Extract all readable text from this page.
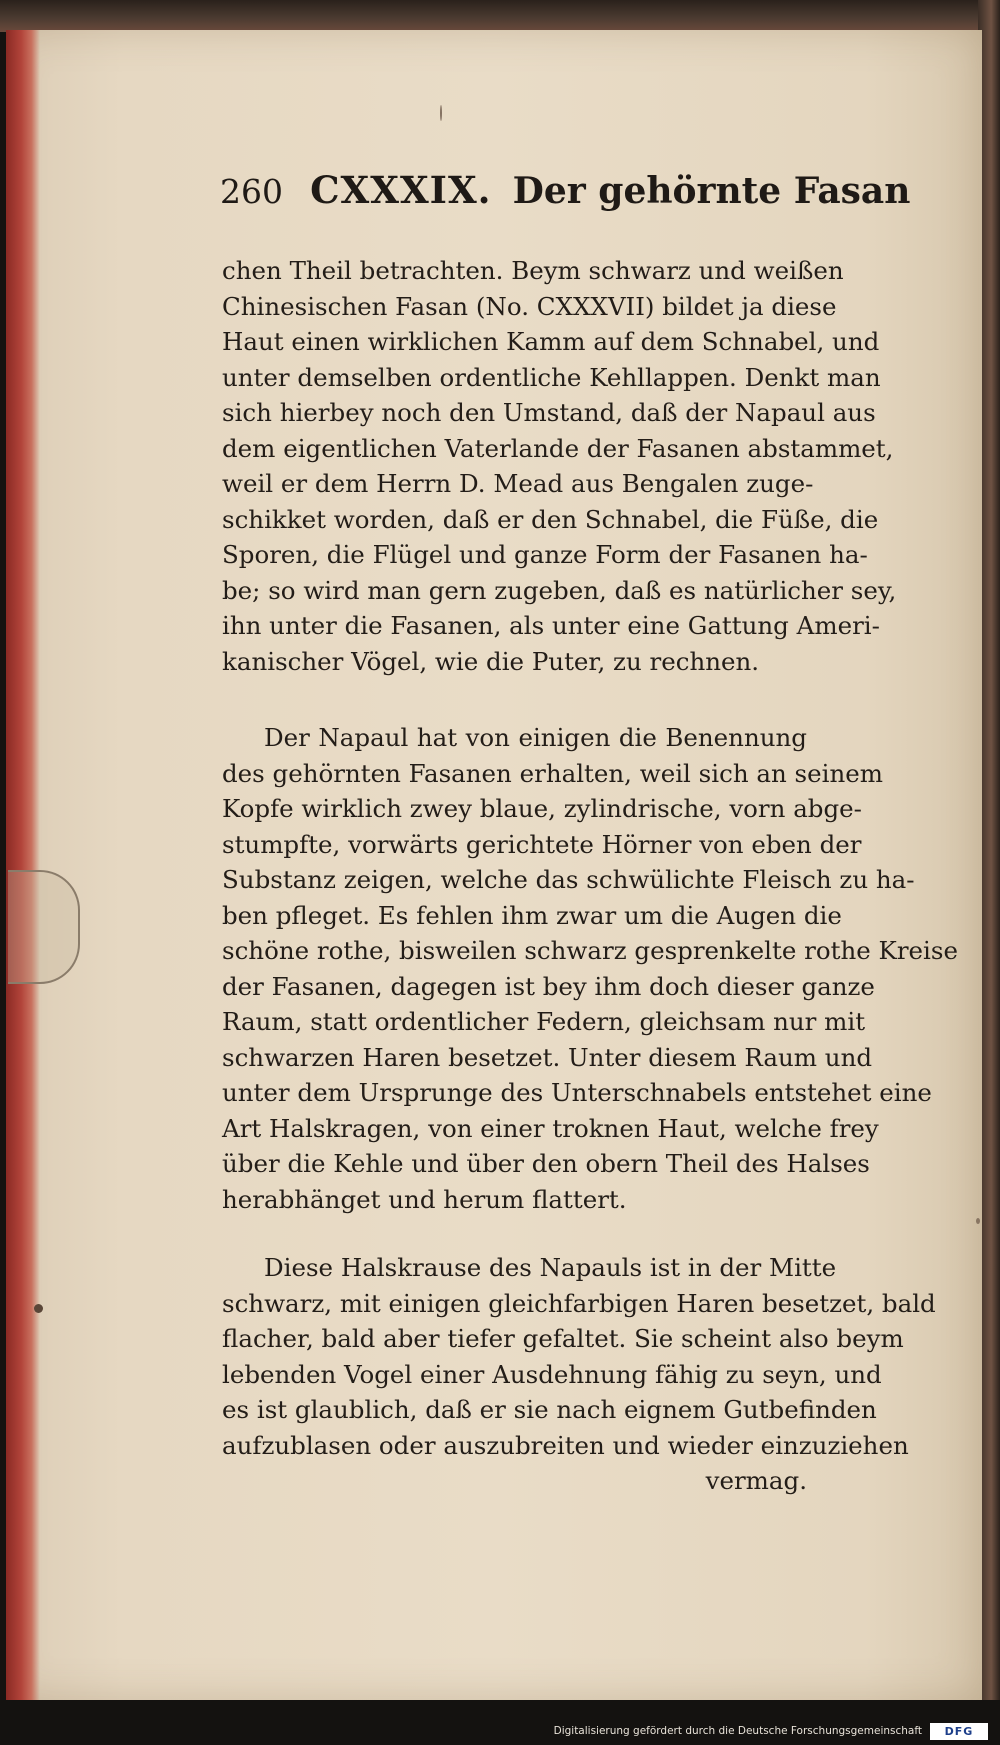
260 CXXXIX. Der gehörnte Fasan
chen Theil betrachten. Beym schwarz und weißen
Chinesischen Fasan (No. CXXXVII) bildet ja diese
Haut einen wirklichen Kamm auf dem Schnabel, und
unter demselben ordentliche Kehllappen. Denkt man
sich hierbey noch den Umstand, daß der Napaul aus
dem eigentlichen Vaterlande der Fasanen abstammet,
weil er dem Herrn D. Mead aus Bengalen zuge-
schikket worden, daß er den Schnabel, die Füße, die
Sporen, die Flügel und ganze Form der Fasanen ha-
be; so wird man gern zugeben, daß es natürlicher sey,
ihn unter die Fasanen, als unter eine Gattung Ameri-
kanischer Vögel, wie die Puter, zu rechnen.
Der Napaul hat von einigen die Benennung
des gehörnten Fasanen erhalten, weil sich an seinem
Kopfe wirklich zwey blaue, zylindrische, vorn abge-
stumpfte, vorwärts gerichtete Hörner von eben der
Substanz zeigen, welche das schwülichte Fleisch zu ha-
ben pfleget. Es fehlen ihm zwar um die Augen die
schöne rothe, bisweilen schwarz gesprenkelte rothe Kreise
der Fasanen, dagegen ist bey ihm doch dieser ganze
Raum, statt ordentlicher Federn, gleichsam nur mit
schwarzen Haren besetzet. Unter diesem Raum und
unter dem Ursprunge des Unterschnabels entstehet eine
Art Halskragen, von einer troknen Haut, welche frey
über die Kehle und über den obern Theil des Halses
herabhänget und herum flattert.
Diese Halskrause des Napauls ist in der Mitte
schwarz, mit einigen gleichfarbigen Haren besetzet, bald
flacher, bald aber tiefer gefaltet. Sie scheint also beym
lebenden Vogel einer Ausdehnung fähig zu seyn, und
es ist glaublich, daß er sie nach eignem Gutbefinden
aufzublasen oder auszubreiten und wieder einzuziehen
vermag.
Digitalisierung gefördert durch die Deutsche Forschungsgemeinschaft	DFG
